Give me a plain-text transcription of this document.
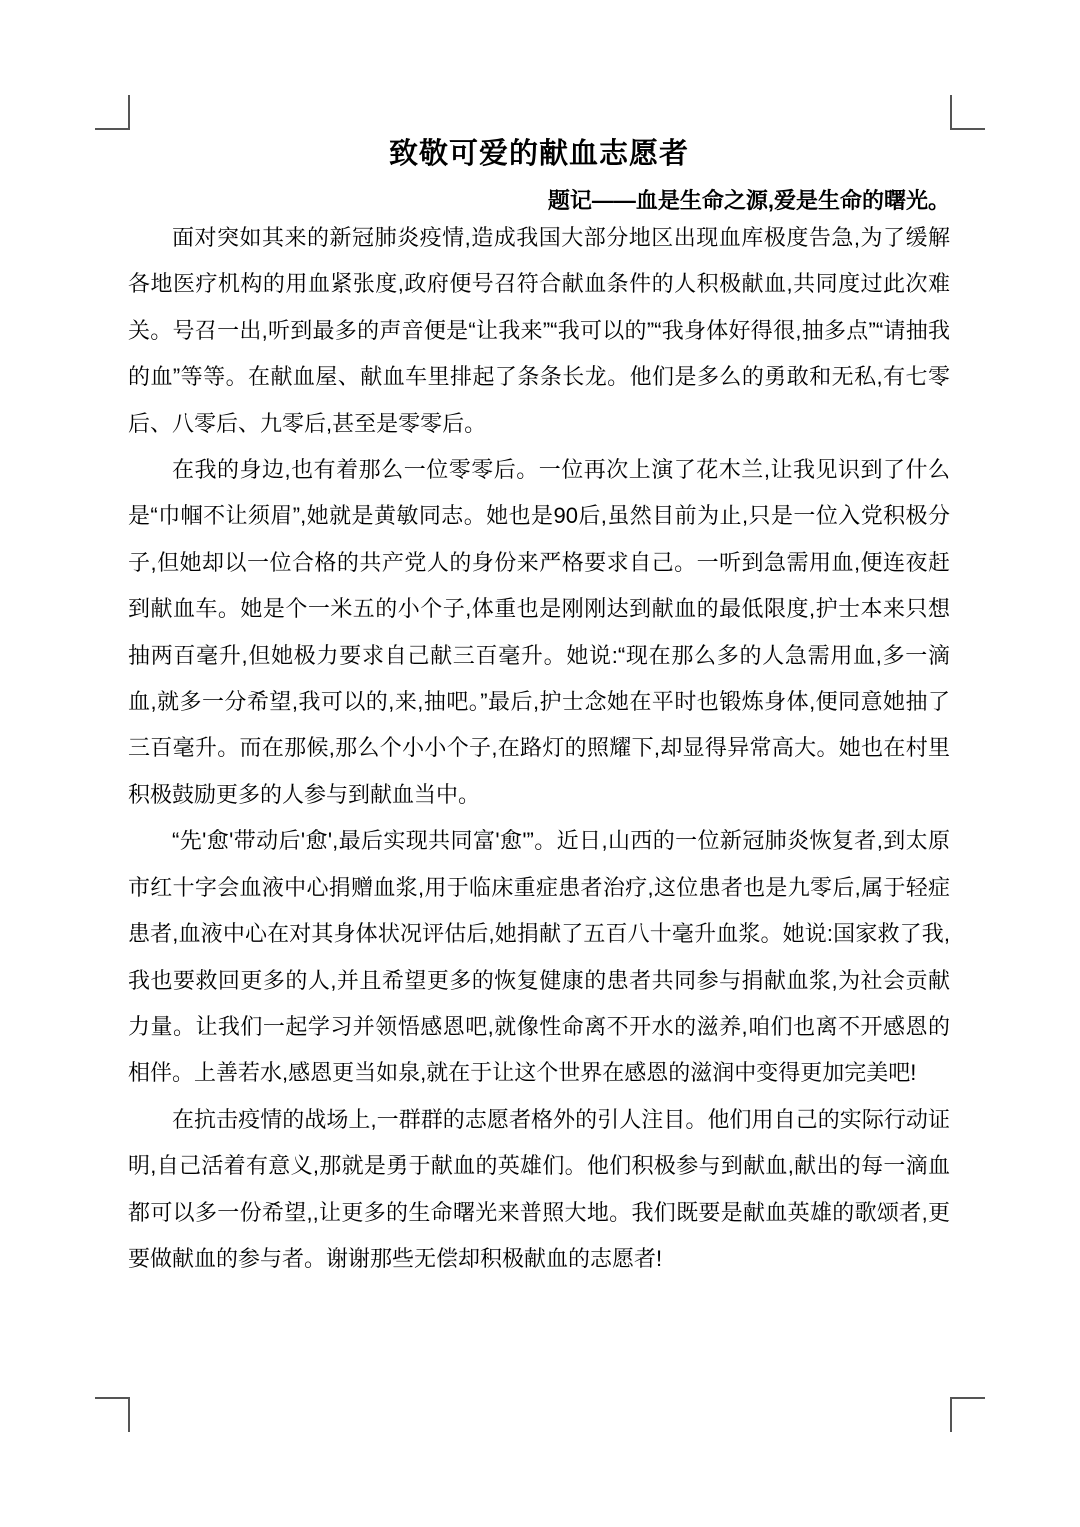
致敬可爱的献血志愿者
题记——血是生命之源,爱是生命的曙光。

面对突如其来的新冠肺炎疫情,造成我国大部分地区出现血库极度告急,为了缓解各地医疗机构的用血紧张度,政府便号召符合献血条件的人积极献血,共同度过此次难关。号召一出,听到最多的声音便是“让我来”“我可以的”“我身体好得很,抽多点”“请抽我的血”等等。在献血屋、献血车里排起了条条长龙。他们是多么的勇敢和无私,有七零后、八零后、九零后,甚至是零零后。

在我的身边,也有着那么一位零零后。一位再次上演了花木兰,让我见识到了什么是“巾帼不让须眉”,她就是黄敏同志。她也是90后,虽然目前为止,只是一位入党积极分子,但她却以一位合格的共产党人的身份来严格要求自己。一听到急需用血,便连夜赶到献血车。她是个一米五的小个子,体重也是刚刚达到献血的最低限度,护士本来只想抽两百毫升,但她极力要求自己献三百毫升。她说:“现在那么多的人急需用血,多一滴血,就多一分希望,我可以的,来,抽吧。”最后,护士念她在平时也锻炼身体,便同意她抽了三百毫升。而在那候,那么个小小个子,在路灯的照耀下,却显得异常高大。她也在村里积极鼓励更多的人参与到献血当中。

“先'愈'带动后'愈',最后实现共同富'愈'”。近日,山西的一位新冠肺炎恢复者,到太原市红十字会血液中心捐赠血浆,用于临床重症患者治疗,这位患者也是九零后,属于轻症患者,血液中心在对其身体状况评估后,她捐献了五百八十毫升血浆。她说:国家救了我,我也要救回更多的人,并且希望更多的恢复健康的患者共同参与捐献血浆,为社会贡献力量。让我们一起学习并领悟感恩吧,就像性命离不开水的滋养,咱们也离不开感恩的相伴。上善若水,感恩更当如泉,就在于让这个世界在感恩的滋润中变得更加完美吧!

在抗击疫情的战场上,一群群的志愿者格外的引人注目。他们用自己的实际行动证明,自己活着有意义,那就是勇于献血的英雄们。他们积极参与到献血,献出的每一滴血都可以多一份希望,,让更多的生命曙光来普照大地。我们既要是献血英雄的歌颂者,更要做献血的参与者。谢谢那些无偿却积极献血的志愿者!
